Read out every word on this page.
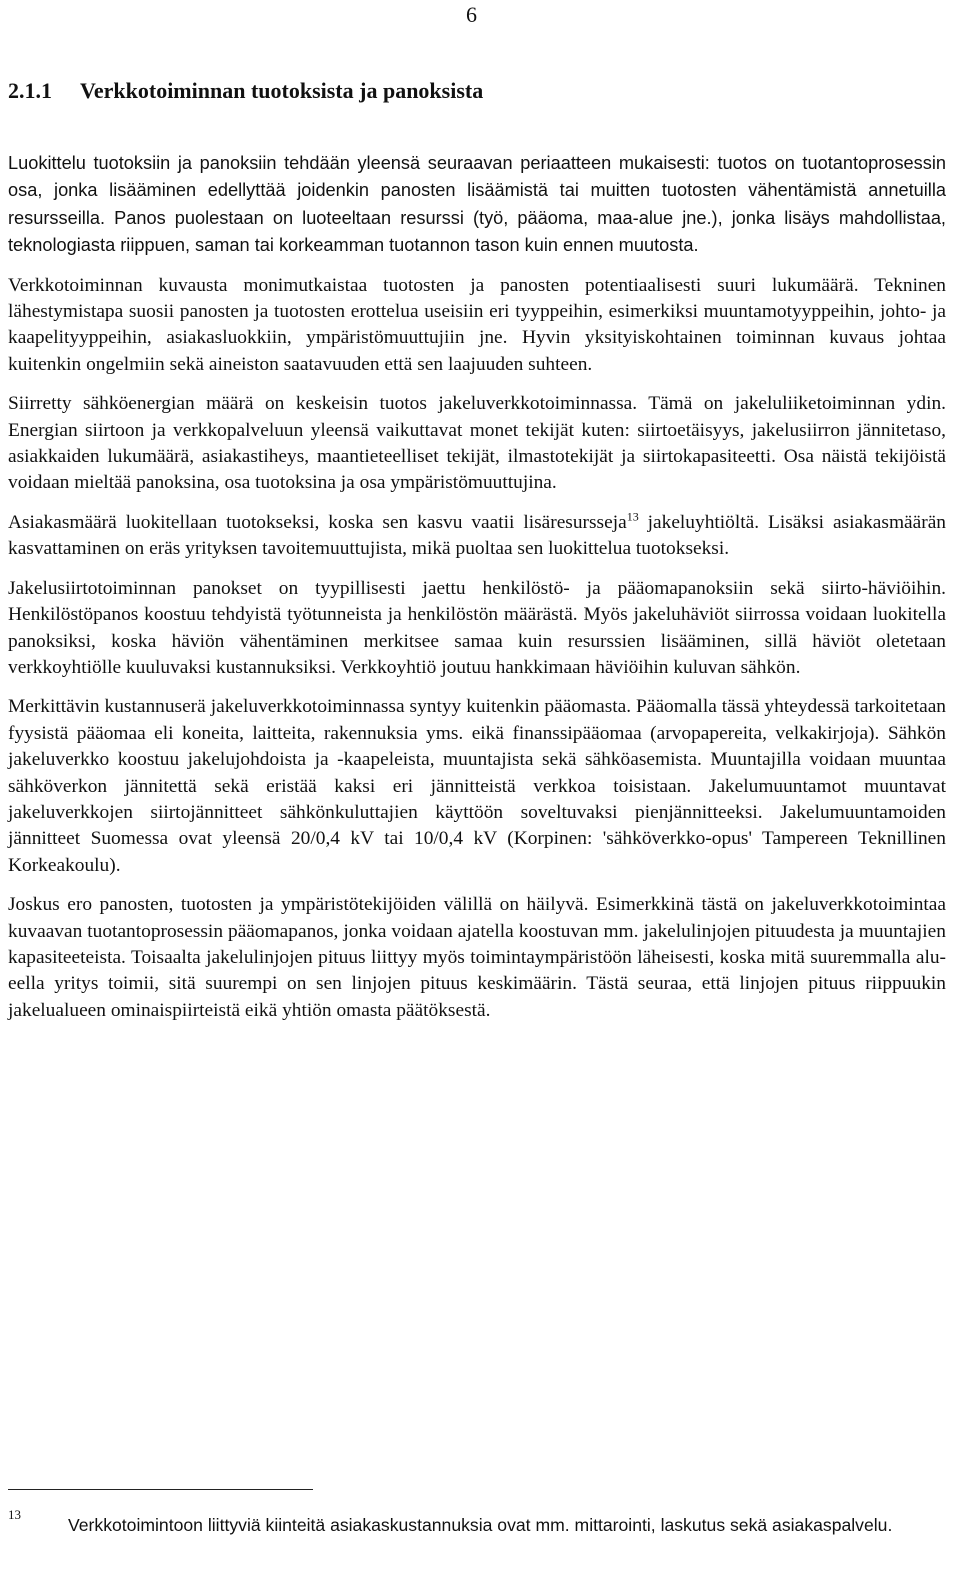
6
2.1.1 Verkkotoiminnan tuotoksista ja panoksista

Luokittelu tuotoksiin ja panoksiin tehdään yleensä seuraavan periaatteen mukaisesti: tuotos on tuotantoprosessin osa, jonka lisääminen edellyttää joidenkin panosten lisäämistä tai muitten tuotosten vähentämistä annetuilla resursseilla. Panos puolestaan on luoteeltaan resurssi (työ, pääoma, maa-alue jne.), jonka lisäys mahdollistaa, teknologiasta riippuen, saman tai korkeamman tuotannon tason kuin ennen muutosta.

Verkkotoiminnan kuvausta monimutkaistaa tuotosten ja panosten potentiaalisesti suuri lukumäärä. Tekninen lähestymistapa suosii panosten ja tuotosten erottelua useisiin eri tyyppeihin, esimerkiksi muuntamotyyppeihin, johto- ja kaapelityyppeihin, asiakasluokkiin, ympäristömuuttujiin jne. Hyvin yksityiskohtainen toiminnan kuvaus johtaa kuitenkin ongelmiin sekä aineiston saatavuuden että sen laajuuden suhteen.

Siirretty sähköenergian määrä on keskeisin tuotos jakeluverkkotoiminnassa. Tämä on jakeluliiketoiminnan ydin. Energian siirtoon ja verkkopalveluun yleensä vaikuttavat monet tekijät kuten: siirtoetäisyys, jakelusiirron jännitetaso, asiakkaiden lukumäärä, asiakastiheys, maantieteelliset tekijät, ilmastotekijät ja siirtokapasiteetti. Osa näistä tekijöistä voidaan mieltää panoksina, osa tuotoksina ja osa ympäristömuuttujina.

Asiakasmäärä luokitellaan tuotokseksi, koska sen kasvu vaatii lisäresursseja$^{13}$ jakeluyhtiöltä. Lisäksi asiakasmäärän kasvattaminen on eräs yrityksen tavoitemuuttujista, mikä puoltaa sen luokittelua tuotokseksi.

Jakelusiirtotoiminnan panokset on tyypillisesti jaettu henkilöstö- ja pääomapanoksiin sekä siirto-häviöihin. Henkilöstöpanos koostuu tehdyistä työtunneista ja henkilöstön määrästä. Myös jakeluhäviöt siirrossa voidaan luokitella panoksiksi, koska häviön vähentäminen merkitsee samaa kuin resurssien lisääminen, sillä häviöt oletetaan verkkoyhtiölle kuuluvaksi kustannuksiksi. Verkkoyhtiö joutuu hankkimaan häviöihin kuluvan sähkön.

Merkittävin kustannuserä jakeluverkkotoiminnassa syntyy kuitenkin pääomasta. Pääomalla tässä yhteydessä tarkoitetaan fyysistä pääomaa eli koneita, laitteita, rakennuksia yms. eikä finanssipääomaa (arvopapereita, velkakirjoja). Sähkön jakeluverkko koostuu jakelujohdoista ja -kaapeleista, muuntajista sekä sähköasemista. Muuntajilla voidaan muuntaa sähköverkon jännitettä sekä eristää kaksi eri jännitteistä verkkoa toisistaan. Jakelumuuntamot muuntavat jakeluverkkojen siirtojännitteet sähkönkuluttajien käyttöön soveltuvaksi pienjännitteeksi. Jakelumuuntamoiden jännitteet Suomessa ovat yleensä 20/0,4 kV tai 10/0,4 kV (Korpinen: 'sähköverkko-opus' Tampereen Teknillinen Korkeakoulu).

Joskus ero panosten, tuotosten ja ympäristötekijöiden välillä on häilyvä. Esimerkkinä tästä on jakeluverkkotoimintaa kuvaavan tuotantoprosessin pääomapanos, jonka voidaan ajatella koostuvan mm. jakelulinjojen pituudesta ja muuntajien kapasiteeteista. Toisaalta jakelulinjojen pituus liittyy myös toimintaympäristöön läheisesti, koska mitä suuremmalla alueella yritys toimii, sitä suurempi on sen linjojen pituus keskimäärin. Tästä seuraa, että linjojen pituus riippuukin jakelualueen ominaispiirteistä eikä yhtiön omasta päätöksestä.

13
Verkkotoimintoon liittyviä kiinteitä asiakaskustannuksia ovat mm. mittarointi, laskutus sekä asiakaspalvelu.
